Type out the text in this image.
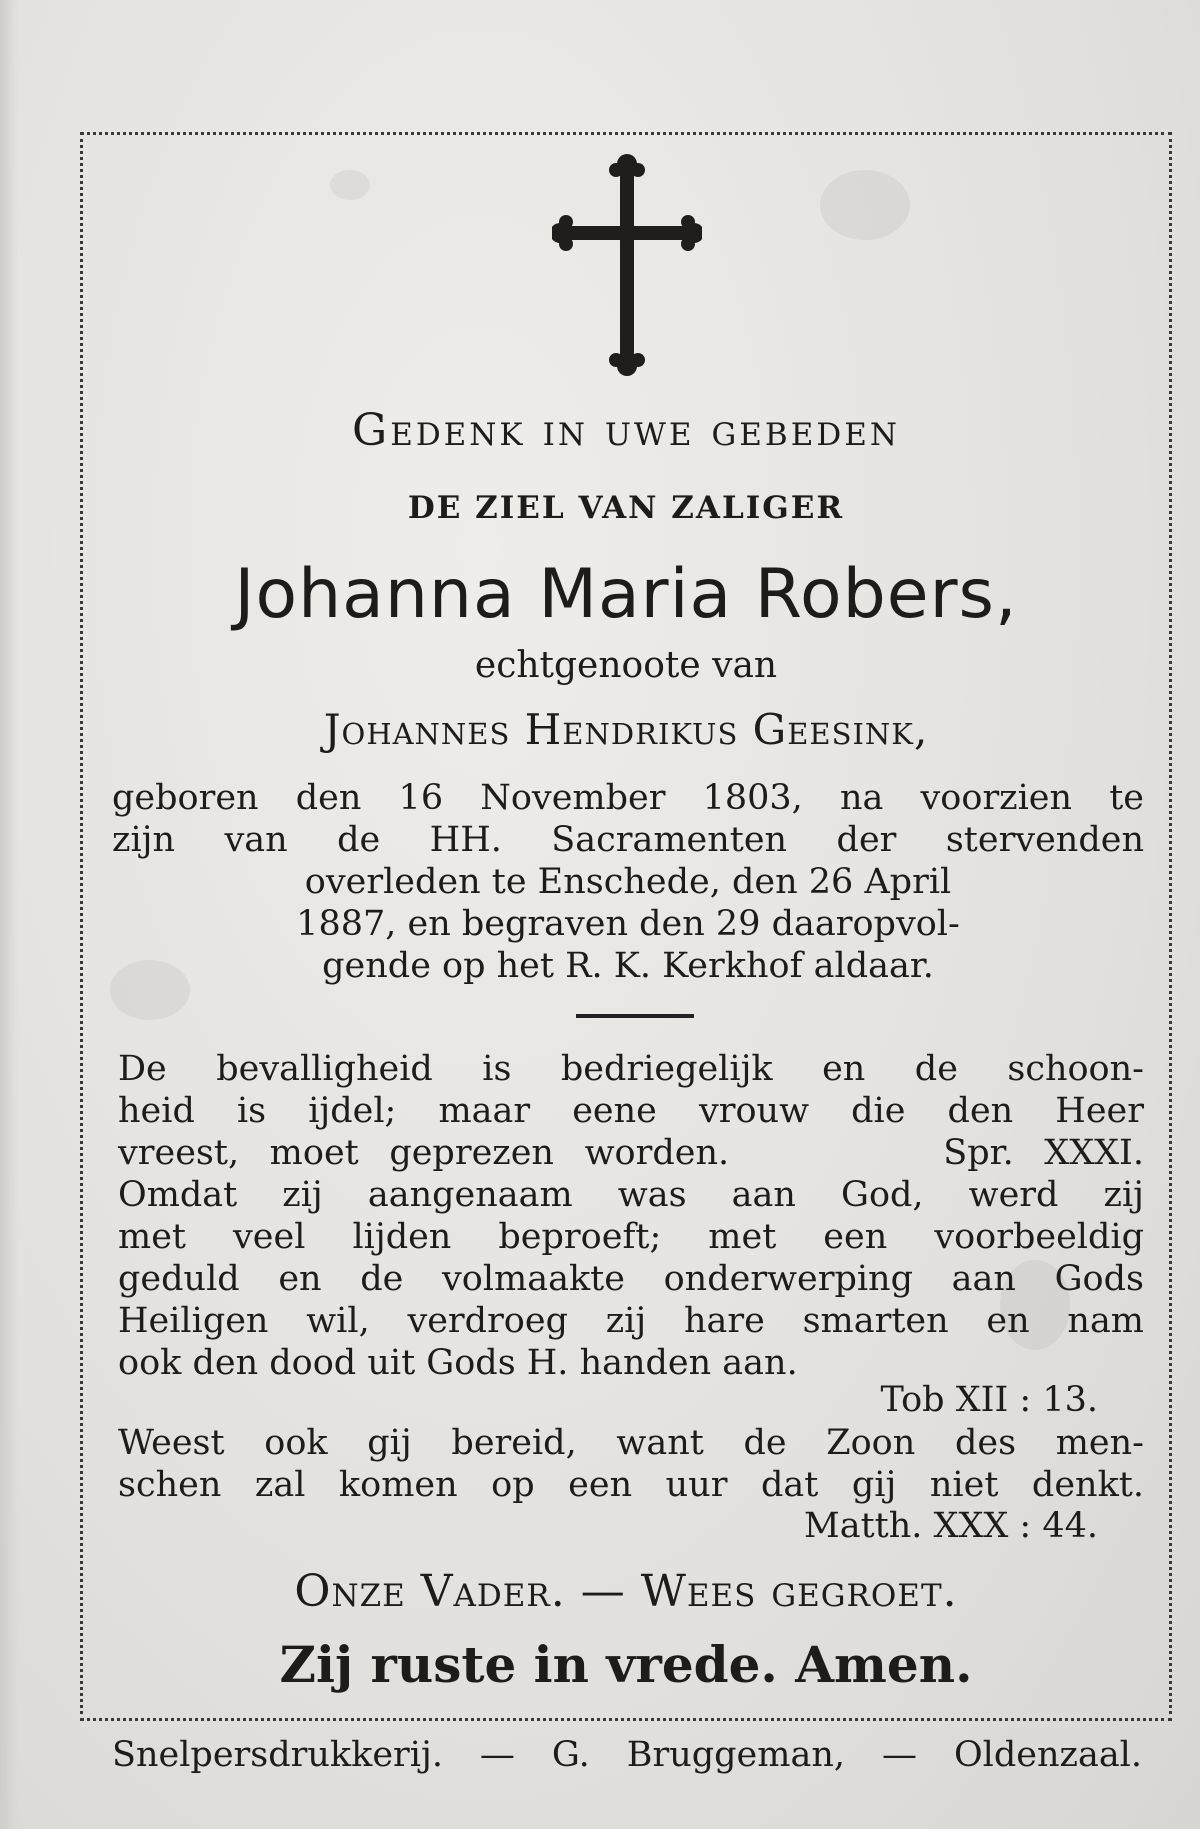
Gedenk in uwe gebeden
DE ZIEL VAN ZALIGER
Johanna Maria Robers,
echtgenoote van
Johannes Hendrikus Geesink,
geboren den 16 November 1803, na voorzien te
zijn van de HH. Sacramenten der stervenden
overleden te Enschede, den 26 April
1887, en begraven den 29 daaropvol-
gende op het R. K. Kerkhof aldaar.
De bevalligheid is bedriegelijk en de schoon-
heid is ijdel; maar eene vrouw die den Heer
vreest, moet geprezen worden.       Spr. XXXI.
Omdat zij aangenaam was aan God, werd zij
met veel lijden beproeft; met een voorbeeldig
geduld en de volmaakte onderwerping aan Gods
Heiligen wil, verdroeg zij hare smarten en nam
ook den dood uit Gods H. handen aan.
Tob XII : 13.
Weest ook gij bereid, want de Zoon des men-
schen zal komen op een uur dat gij niet denkt.
Matth. XXX : 44.
Onze Vader. — Wees gegroet.
Zij ruste in vrede. Amen.
Snelpersdrukkerij. — G. Bruggeman, — Oldenzaal.
